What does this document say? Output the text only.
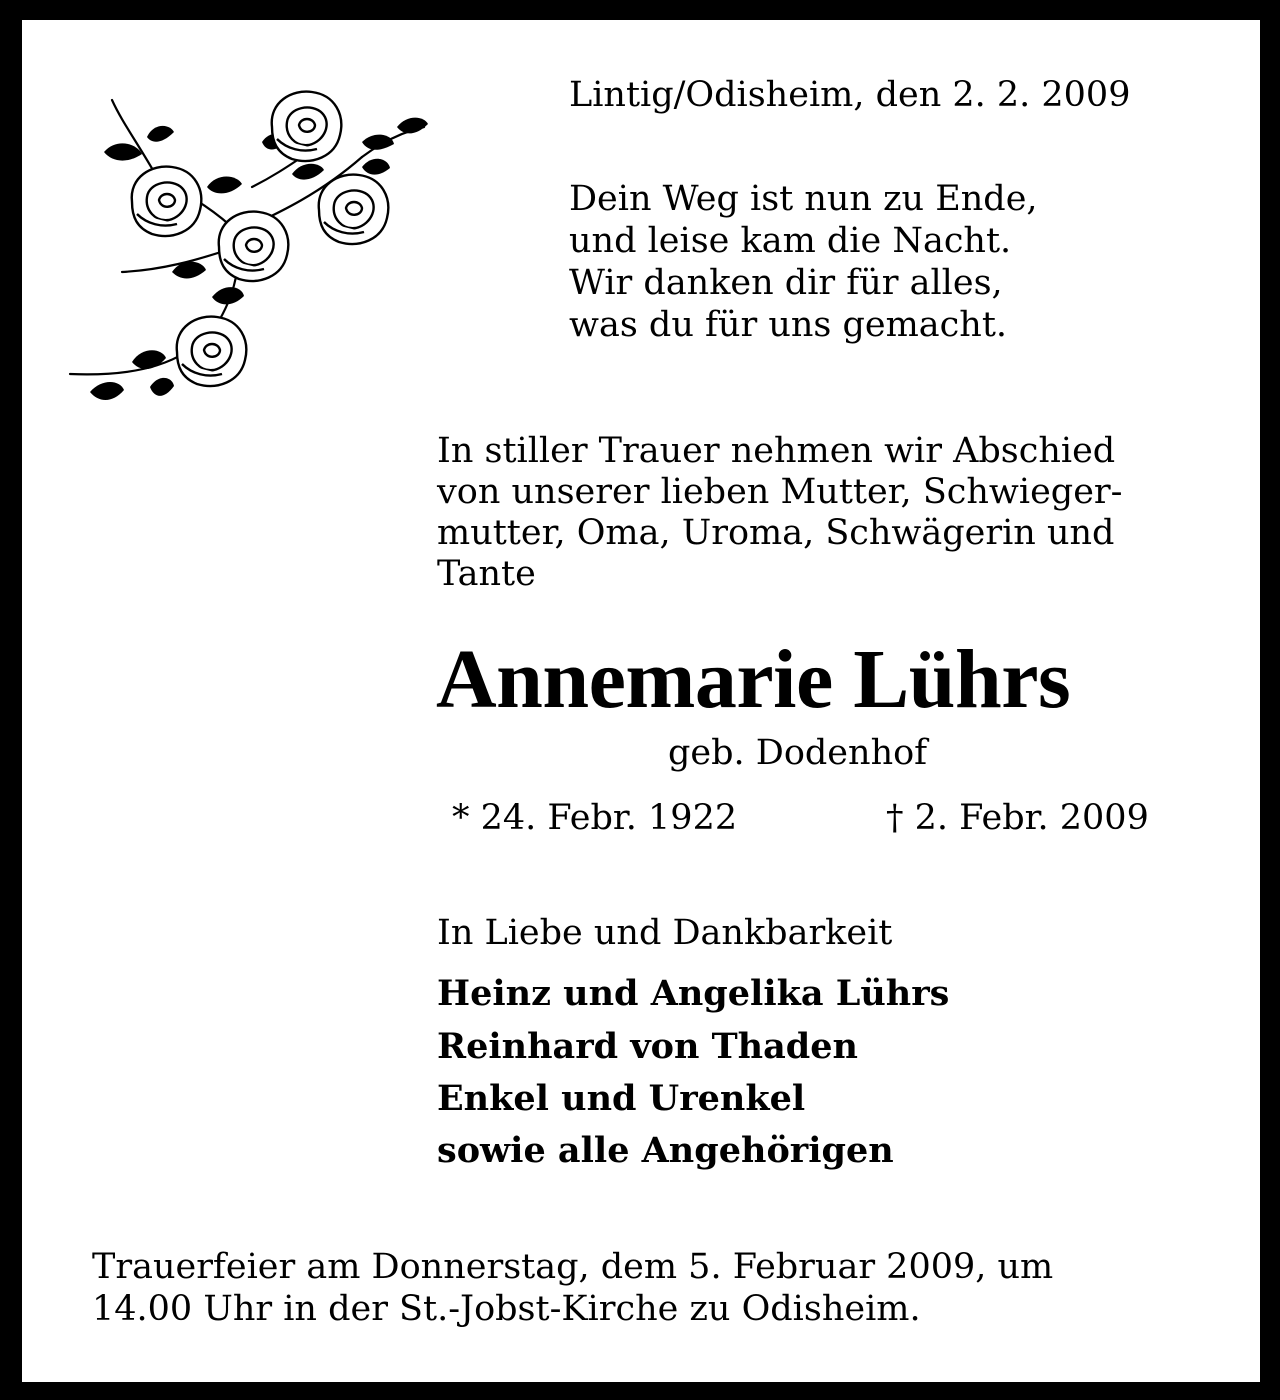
Lintig/Odisheim, den 2. 2. 2009
Dein Weg ist nun zu Ende,
und leise kam die Nacht.
Wir danken dir für alles,
was du für uns gemacht.
In stiller Trauer nehmen wir Abschied
von unserer lieben Mutter, Schwieger-
mutter, Oma, Uroma, Schwägerin und
Tante
Annemarie Lührs
geb. Dodenhof
* 24. Febr. 1922	† 2. Febr. 2009
In Liebe und Dankbarkeit
Heinz und Angelika Lührs
Reinhard von Thaden
Enkel und Urenkel
sowie alle Angehörigen
Trauerfeier am Donnerstag, dem 5. Februar 2009, um
14.00 Uhr in der St.-Jobst-Kirche zu Odisheim.
